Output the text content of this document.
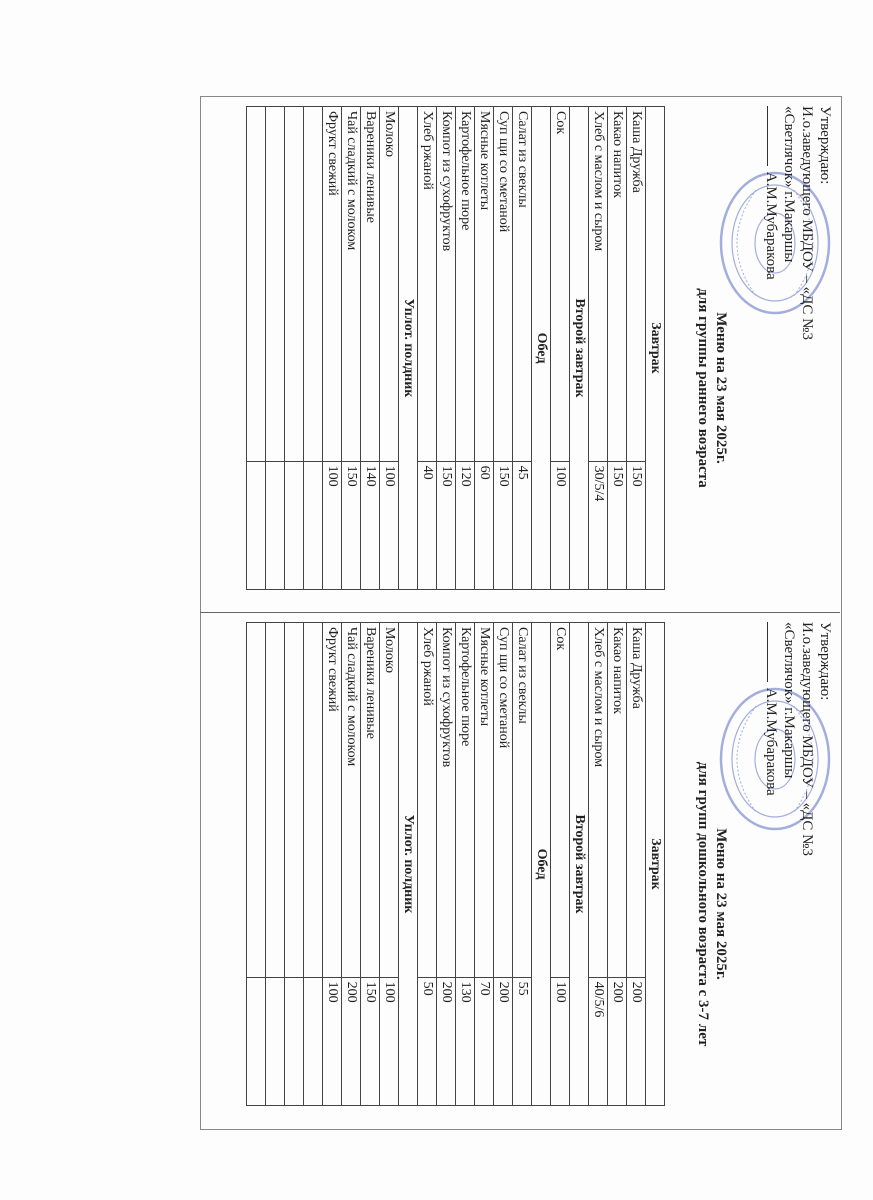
Утверждаю:
И.о.заведующего МБДОУ – «ДС №3
«Светлячок» г.Макаршы
А.М.Мубаракова
Меню на 23 мая 2025г.
для группы раннего возраста
Завтрак	
Каша Дружба	150
Какао напиток	150
Хлеб с маслом и сыром	30/5/4
Второй завтрак	
Сок	100
Обед	
Салат из свеклы	45
Суп щи со сметаной	150
Мясные котлеты	60
Картофельное пюре	120
Компот из сухофруктов	150
Хлеб ржаной	40
Уплот. полдник	
Молоко	100
Вареники ленивые	140
Чай сладкий с молоком	150
Фрукт свежий	100

Утверждаю:
И.о.заведующего МБДОУ – «ДС №3
«Светлячок» г.Макаршы
А.М.Мубаракова
Меню на 23 мая 2025г.
для групп дошкольного возраста с 3-7 лет
Завтрак	
Каша Дружба	200
Какао напиток	200
Хлеб с маслом и сыром	40/5/6
Второй завтрак	
Сок	100
Обед	
Салат из свеклы	55
Суп щи со сметаной	200
Мясные котлеты	70
Картофельное пюре	130
Компот из сухофруктов	200
Хлеб ржаной	50
Уплот. полдник	
Молоко	100
Вареники ленивые	150
Чай сладкий с молоком	200
Фрукт свежий	100
